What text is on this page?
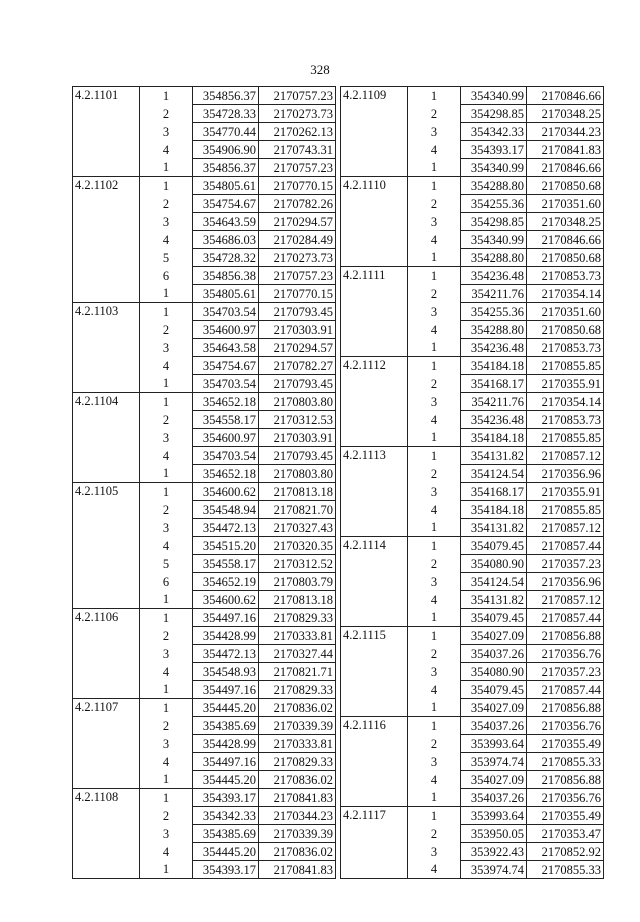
328
4.2.1101	1	354856.37	2170757.23
	2	354728.33	2170273.73
	3	354770.44	2170262.13
	4	354906.90	2170743.31
	1	354856.37	2170757.23
4.2.1102	1	354805.61	2170770.15
	2	354754.67	2170782.26
	3	354643.59	2170294.57
	4	354686.03	2170284.49
	5	354728.32	2170273.73
	6	354856.38	2170757.23
	1	354805.61	2170770.15
4.2.1103	1	354703.54	2170793.45
	2	354600.97	2170303.91
	3	354643.58	2170294.57
	4	354754.67	2170782.27
	1	354703.54	2170793.45
4.2.1104	1	354652.18	2170803.80
	2	354558.17	2170312.53
	3	354600.97	2170303.91
	4	354703.54	2170793.45
	1	354652.18	2170803.80
4.2.1105	1	354600.62	2170813.18
	2	354548.94	2170821.70
	3	354472.13	2170327.43
	4	354515.20	2170320.35
	5	354558.17	2170312.52
	6	354652.19	2170803.79
	1	354600.62	2170813.18
4.2.1106	1	354497.16	2170829.33
	2	354428.99	2170333.81
	3	354472.13	2170327.44
	4	354548.93	2170821.71
	1	354497.16	2170829.33
4.2.1107	1	354445.20	2170836.02
	2	354385.69	2170339.39
	3	354428.99	2170333.81
	4	354497.16	2170829.33
	1	354445.20	2170836.02
4.2.1108	1	354393.17	2170841.83
	2	354342.33	2170344.23
	3	354385.69	2170339.39
	4	354445.20	2170836.02
	1	354393.17	2170841.83
4.2.1109	1	354340.99	2170846.66
	2	354298.85	2170348.25
	3	354342.33	2170344.23
	4	354393.17	2170841.83
	1	354340.99	2170846.66
4.2.1110	1	354288.80	2170850.68
	2	354255.36	2170351.60
	3	354298.85	2170348.25
	4	354340.99	2170846.66
	1	354288.80	2170850.68
4.2.1111	1	354236.48	2170853.73
	2	354211.76	2170354.14
	3	354255.36	2170351.60
	4	354288.80	2170850.68
	1	354236.48	2170853.73
4.2.1112	1	354184.18	2170855.85
	2	354168.17	2170355.91
	3	354211.76	2170354.14
	4	354236.48	2170853.73
	1	354184.18	2170855.85
4.2.1113	1	354131.82	2170857.12
	2	354124.54	2170356.96
	3	354168.17	2170355.91
	4	354184.18	2170855.85
	1	354131.82	2170857.12
4.2.1114	1	354079.45	2170857.44
	2	354080.90	2170357.23
	3	354124.54	2170356.96
	4	354131.82	2170857.12
	1	354079.45	2170857.44
4.2.1115	1	354027.09	2170856.88
	2	354037.26	2170356.76
	3	354080.90	2170357.23
	4	354079.45	2170857.44
	1	354027.09	2170856.88
4.2.1116	1	354037.26	2170356.76
	2	353993.64	2170355.49
	3	353974.74	2170855.33
	4	354027.09	2170856.88
	1	354037.26	2170356.76
4.2.1117	1	353993.64	2170355.49
	2	353950.05	2170353.47
	3	353922.43	2170852.92
	4	353974.74	2170855.33
